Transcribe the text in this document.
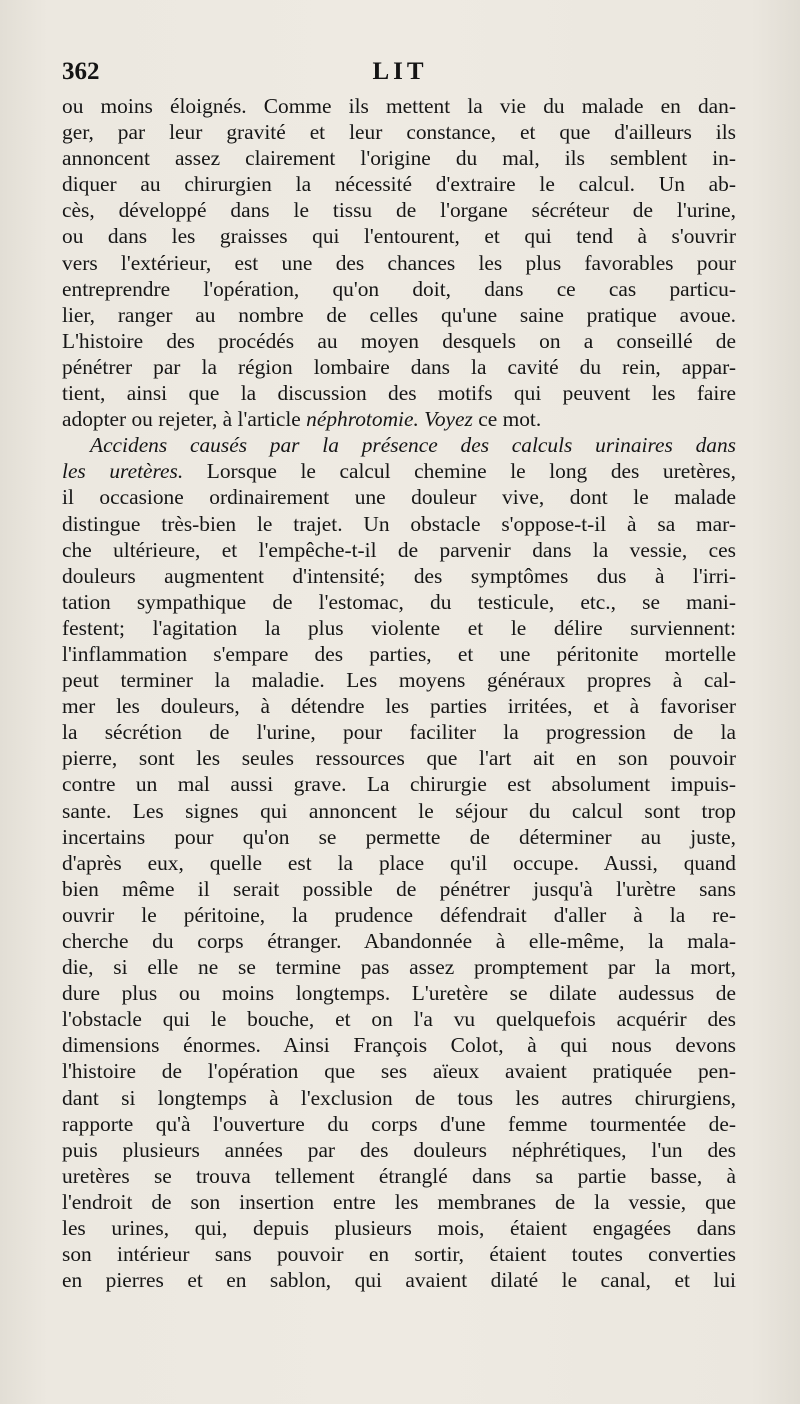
362	LIT
ou moins éloignés. Comme ils mettent la vie du malade en dan-
ger, par leur gravité et leur constance, et que d'ailleurs ils
annoncent assez clairement l'origine du mal, ils semblent in-
diquer au chirurgien la nécessité d'extraire le calcul. Un ab-
cès, développé dans le tissu de l'organe sécréteur de l'urine,
ou dans les graisses qui l'entourent, et qui tend à s'ouvrir
vers l'extérieur, est une des chances les plus favorables pour
entreprendre l'opération, qu'on doit, dans ce cas particu-
lier, ranger au nombre de celles qu'une saine pratique avoue.
L'histoire des procédés au moyen desquels on a conseillé de
pénétrer par la région lombaire dans la cavité du rein, appar-
tient, ainsi que la discussion des motifs qui peuvent les faire
adopter ou rejeter, à l'article néphrotomie. Voyez ce mot.
Accidens causés par la présence des calculs urinaires dans
les uretères. Lorsque le calcul chemine le long des uretères,
il occasione ordinairement une douleur vive, dont le malade
distingue très-bien le trajet. Un obstacle s'oppose-t-il à sa mar-
che ultérieure, et l'empêche-t-il de parvenir dans la vessie, ces
douleurs augmentent d'intensité; des symptômes dus à l'irri-
tation sympathique de l'estomac, du testicule, etc., se mani-
festent; l'agitation la plus violente et le délire surviennent:
l'inflammation s'empare des parties, et une péritonite mortelle
peut terminer la maladie. Les moyens généraux propres à cal-
mer les douleurs, à détendre les parties irritées, et à favoriser
la sécrétion de l'urine, pour faciliter la progression de la
pierre, sont les seules ressources que l'art ait en son pouvoir
contre un mal aussi grave. La chirurgie est absolument impuis-
sante. Les signes qui annoncent le séjour du calcul sont trop
incertains pour qu'on se permette de déterminer au juste,
d'après eux, quelle est la place qu'il occupe. Aussi, quand
bien même il serait possible de pénétrer jusqu'à l'urètre sans
ouvrir le péritoine, la prudence défendrait d'aller à la re-
cherche du corps étranger. Abandonnée à elle-même, la mala-
die, si elle ne se termine pas assez promptement par la mort,
dure plus ou moins longtemps. L'uretère se dilate audessus de
l'obstacle qui le bouche, et on l'a vu quelquefois acquérir des
dimensions énormes. Ainsi François Colot, à qui nous devons
l'histoire de l'opération que ses aïeux avaient pratiquée pen-
dant si longtemps à l'exclusion de tous les autres chirurgiens,
rapporte qu'à l'ouverture du corps d'une femme tourmentée de-
puis plusieurs années par des douleurs néphrétiques, l'un des
uretères se trouva tellement étranglé dans sa partie basse, à
l'endroit de son insertion entre les membranes de la vessie, que
les urines, qui, depuis plusieurs mois, étaient engagées dans
son intérieur sans pouvoir en sortir, étaient toutes converties
en pierres et en sablon, qui avaient dilaté le canal, et lui
